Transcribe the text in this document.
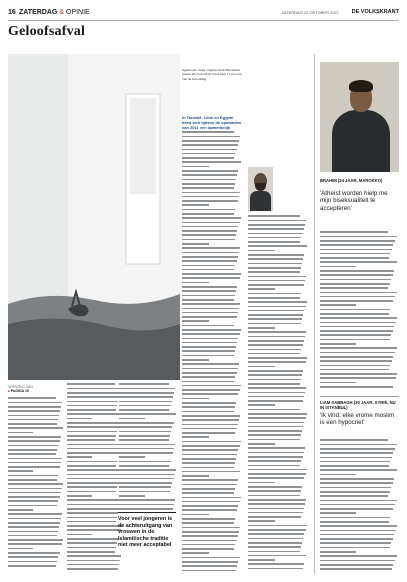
16 ZATERDAG & OPINIE	ZATERDAG 23 OKTOBER 2021 DE VOLKSKRANT
Geloofsafval
VERVOLG VAN
▸ PAGINA 15
tigerixane' stong volgens Arab Barometer tussen 2013 en 2018 van 8 naar 11 procent van de bevolking.
In Tunesië, Libië en Egypte deed zich tijdens de opstanden van 2011 een opmerkelijk
Voor veel jongeren is de achteruitgang van vrouwen in de Islamitische traditie niet meer acceptabel
BRAHIM (24 JAAR, MAROKKO)
'Atheïst worden hielp me mijn biseksualiteit te accepteren'
LIAM SABBAGH (30 JAAR, SYRIË, NU IN ISTANBUL)
'Ik vind: elke vrome moslim is een hypocriet'
